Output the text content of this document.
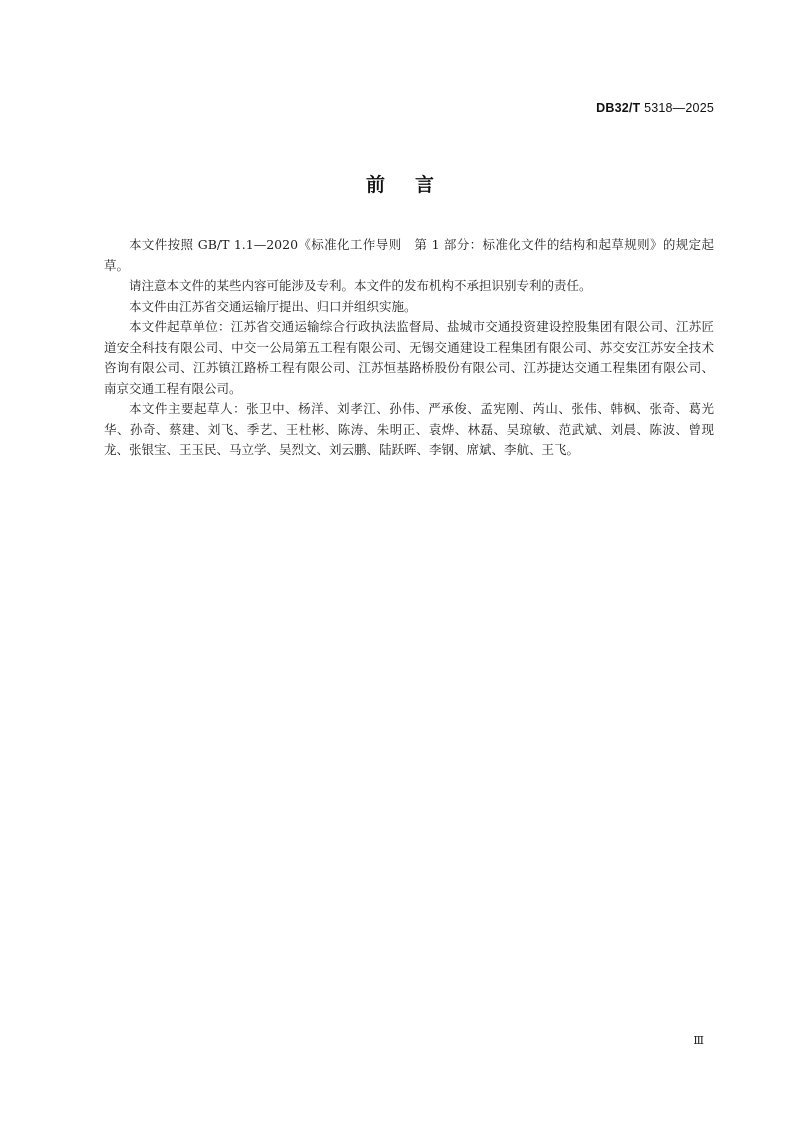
DB32/T 5318—2025
前言

本文件按照 GB/T 1.1—2020《标准化工作导则　第 1 部分：标准化文件的结构和起草规则》的规定起草。

请注意本文件的某些内容可能涉及专利。本文件的发布机构不承担识别专利的责任。

本文件由江苏省交通运输厅提出、归口并组织实施。

本文件起草单位：江苏省交通运输综合行政执法监督局、盐城市交通投资建设控股集团有限公司、江苏匠道安全科技有限公司、中交一公局第五工程有限公司、无锡交通建设工程集团有限公司、苏交安江苏安全技术咨询有限公司、江苏镇江路桥工程有限公司、江苏恒基路桥股份有限公司、江苏捷达交通工程集团有限公司、南京交通工程有限公司。

本文件主要起草人：张卫中、杨洋、刘孝江、孙伟、严承俊、孟宪刚、芮山、张伟、韩枫、张奇、葛光华、孙奇、蔡建、刘飞、季艺、王杜彬、陈涛、朱明正、袁烨、林磊、吴琼敏、范武斌、刘晨、陈波、曾现龙、张银宝、王玉民、马立学、吴烈文、刘云鹏、陆跃晖、李钢、席斌、李航、王飞。

Ⅲ
